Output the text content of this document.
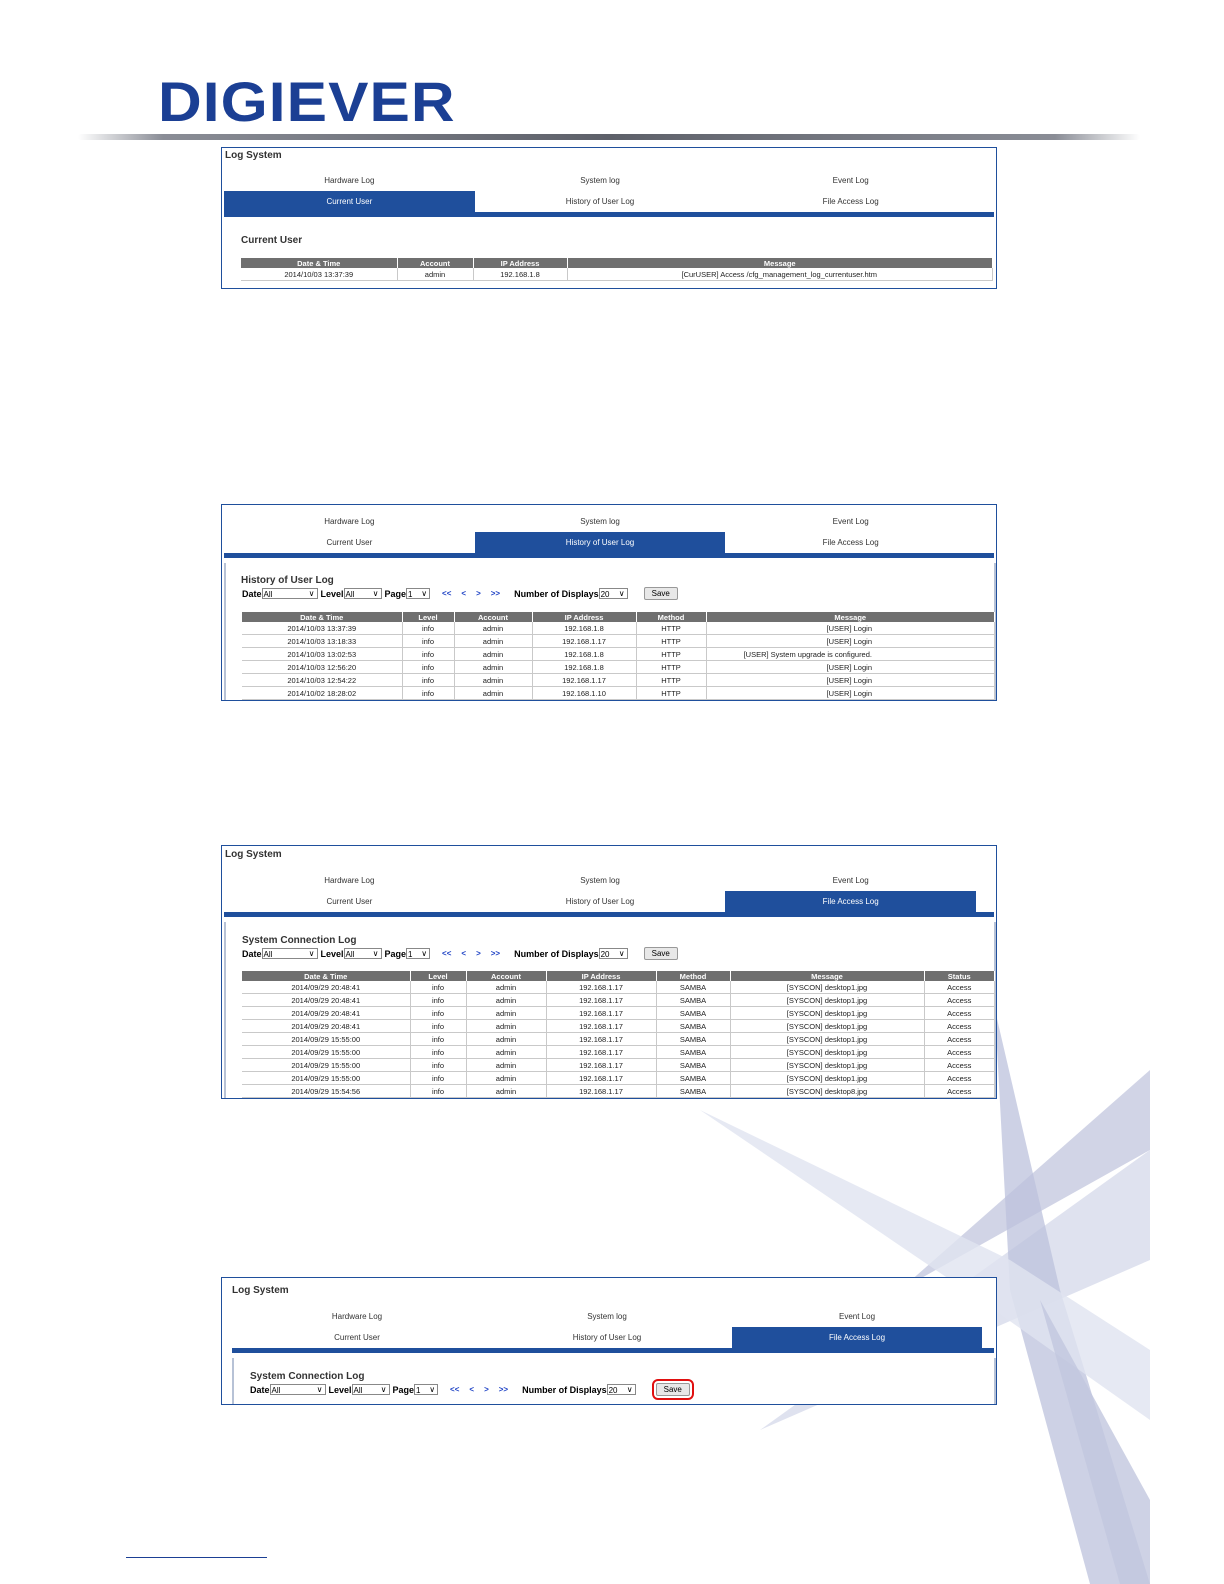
DIGIEVER
Log System
Hardware Log	System log	Event Log
Current User	History of User Log	File Access Log
Current User
Date & Time	Account	IP Address	Message
2014/10/03 13:37:39	admin	192.168.1.8	[CurUSER] Access /cfg_management_log_currentuser.htm
Hardware Log	System log	Event Log
Current User	History of User Log	File Access Log
History of User Log
Date All ∨	Level All ∨	Page 1 ∨	<< < > >> Number of Displays 20 ∨	Save
Date & Time	Level	Account	IP Address	Method	Message
2014/10/03 13:37:39	info	admin	192.168.1.8	HTTP	[USER] Login
2014/10/03 13:18:33	info	admin	192.168.1.17	HTTP	[USER] Login
2014/10/03 13:02:53	info	admin	192.168.1.8	HTTP	[USER] System upgrade is configured.
2014/10/03 12:56:20	info	admin	192.168.1.8	HTTP	[USER] Login
2014/10/03 12:54:22	info	admin	192.168.1.17	HTTP	[USER] Login
2014/10/02 18:28:02	info	admin	192.168.1.10	HTTP	[USER] Login
Log System
Hardware Log	System log	Event Log
Current User	History of User Log	File Access Log
System Connection Log
Date All ∨	Level All ∨	Page 1 ∨	<< < > >> Number of Displays 20 ∨	Save
Date & Time	Level	Account	IP Address	Method	Message	Status
2014/09/29 20:48:41	info	admin	192.168.1.17	SAMBA	[SYSCON] desktop1.jpg	Access
2014/09/29 20:48:41	info	admin	192.168.1.17	SAMBA	[SYSCON] desktop1.jpg	Access
2014/09/29 20:48:41	info	admin	192.168.1.17	SAMBA	[SYSCON] desktop1.jpg	Access
2014/09/29 20:48:41	info	admin	192.168.1.17	SAMBA	[SYSCON] desktop1.jpg	Access
2014/09/29 15:55:00	info	admin	192.168.1.17	SAMBA	[SYSCON] desktop1.jpg	Access
2014/09/29 15:55:00	info	admin	192.168.1.17	SAMBA	[SYSCON] desktop1.jpg	Access
2014/09/29 15:55:00	info	admin	192.168.1.17	SAMBA	[SYSCON] desktop1.jpg	Access
2014/09/29 15:55:00	info	admin	192.168.1.17	SAMBA	[SYSCON] desktop1.jpg	Access
2014/09/29 15:54:56	info	admin	192.168.1.17	SAMBA	[SYSCON] desktop8.jpg	Access
Log System
Hardware Log	System log	Event Log
Current User	History of User Log	File Access Log
System Connection Log
Date All ∨	Level All ∨	Page 1 ∨	<< < > >> Number of Displays 20 ∨	Save
